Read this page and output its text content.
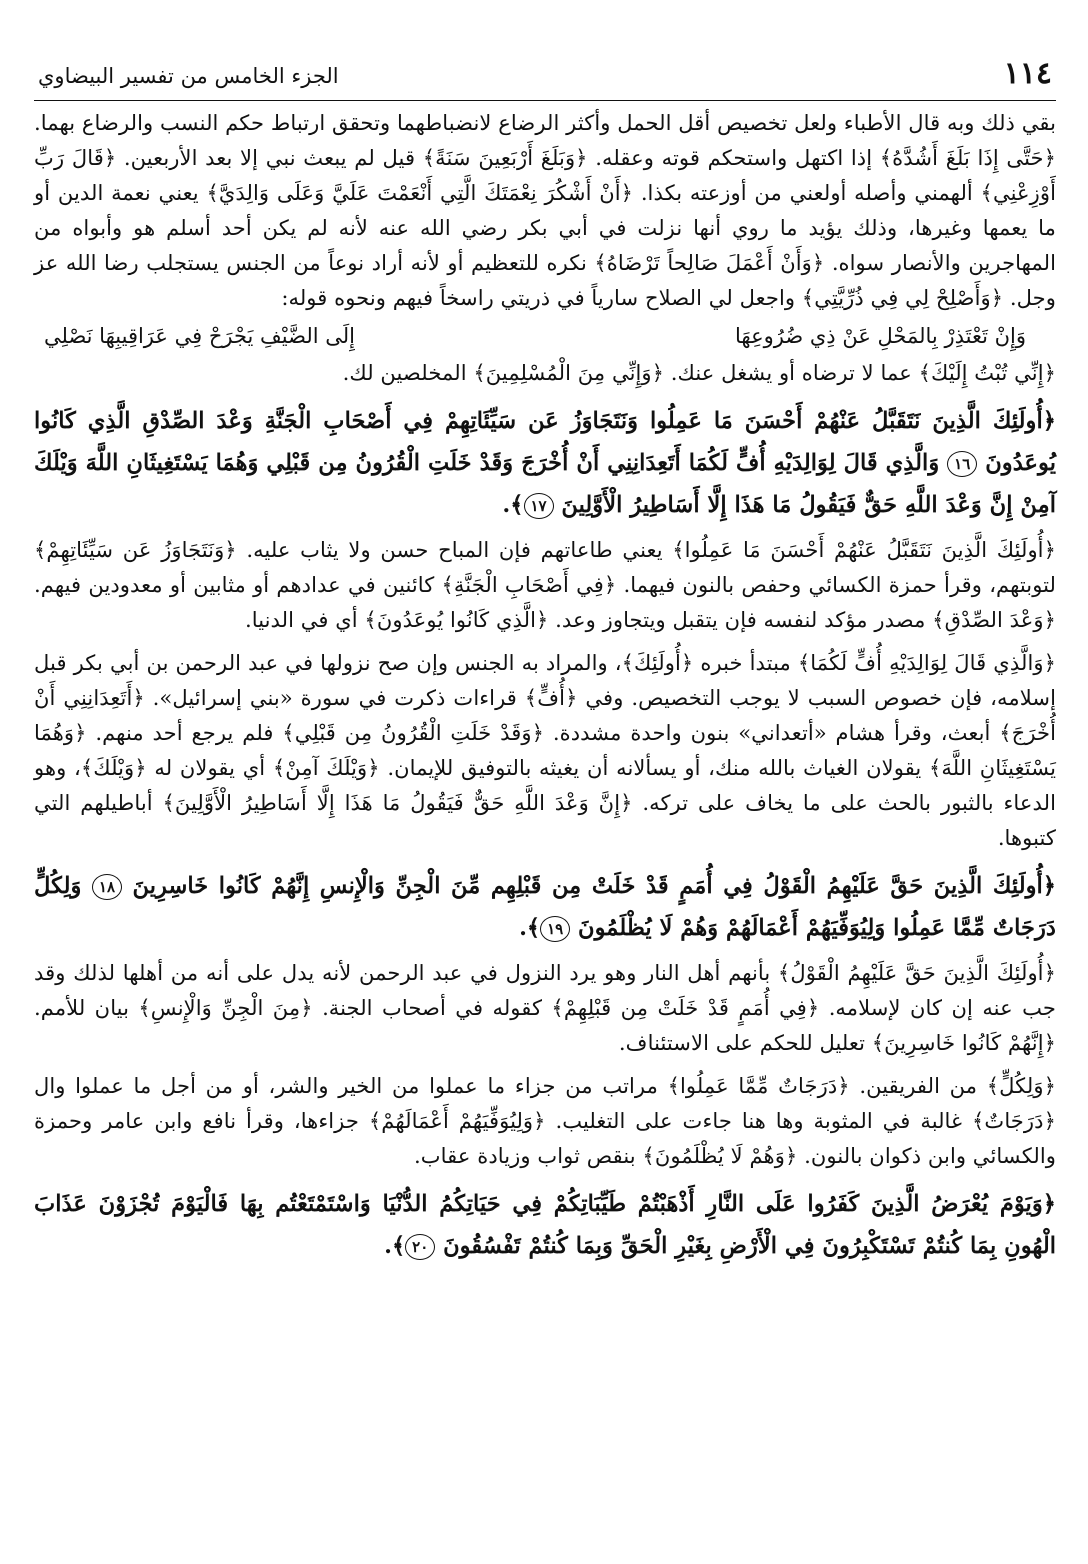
١١٤
الجزء الخامس من تفسير البيضاوي

بقي ذلك وبه قال الأطباء ولعل تخصيص أقل الحمل وأكثر الرضاع لانضباطهما وتحقق ارتباط حكم النسب والرضاع بهما. ﴿حَتَّى إِذَا بَلَغَ أَشُدَّهُ﴾ إذا اكتهل واستحكم قوته وعقله. ﴿وَبَلَغَ أَرْبَعِينَ سَنَةً﴾ قيل لم يبعث نبي إلا بعد الأربعين. ﴿قَالَ رَبِّ أَوْزِعْنِي﴾ ألهمني وأصله أولعني من أوزعته بكذا. ﴿أَنْ أَشْكُرَ نِعْمَتَكَ الَّتِي أَنْعَمْتَ عَلَيَّ وَعَلَى وَالِدَيَّ﴾ يعني نعمة الدين أو ما يعمها وغيرها، وذلك يؤيد ما روي أنها نزلت في أبي بكر رضي الله عنه لأنه لم يكن أحد أسلم هو وأبواه من المهاجرين والأنصار سواه. ﴿وَأَنْ أَعْمَلَ صَالِحاً تَرْضَاهُ﴾ نكره للتعظيم أو لأنه أراد نوعاً من الجنس يستجلب رضا الله عز وجل. ﴿وَأَصْلِحْ لِي فِي ذُرِّيَّتِي﴾ واجعل لي الصلاح سارياً في ذريتي راسخاً فيهم ونحوه قوله:

وَإِنْ تَعْتَذِرْ بِالمَحْلِ عَنْ ذِي ضُرُوعِهَا
إِلَى الضَّيْفِ يَجْرَحْ فِي عَرَاقِيبِهَا نَصْلِي

﴿إِنِّي تُبْتُ إِلَيْكَ﴾ عما لا ترضاه أو يشغل عنك. ﴿وَإِنِّي مِنَ الْمُسْلِمِينَ﴾ المخلصين لك.

﴿أُولَئِكَ الَّذِينَ نَتَقَبَّلُ عَنْهُمْ أَحْسَنَ مَا عَمِلُوا وَنَتَجَاوَزُ عَن سَيِّئَاتِهِمْ فِي أَصْحَابِ الْجَنَّةِ وَعْدَ الصِّدْقِ الَّذِي كَانُوا يُوعَدُونَ ١٦ وَالَّذِي قَالَ لِوَالِدَيْهِ أُفٍّ لَكُمَا أَتَعِدَانِنِي أَنْ أُخْرَجَ وَقَدْ خَلَتِ الْقُرُونُ مِن قَبْلِي وَهُمَا يَسْتَغِيثَانِ اللَّهَ وَيْلَكَ آمِنْ إِنَّ وَعْدَ اللَّهِ حَقٌّ فَيَقُولُ مَا هَذَا إِلَّا أَسَاطِيرُ الْأَوَّلِينَ ١٧﴾.

﴿أُولَئِكَ الَّذِينَ نَتَقَبَّلُ عَنْهُمْ أَحْسَنَ مَا عَمِلُوا﴾ يعني طاعاتهم فإن المباح حسن ولا يثاب عليه. ﴿وَنَتَجَاوَزُ عَن سَيِّئَاتِهِمْ﴾ لتوبتهم، وقرأ حمزة الكسائي وحفص بالنون فيهما. ﴿فِي أَصْحَابِ الْجَنَّةِ﴾ كائنين في عدادهم أو مثابين أو معدودين فيهم. ﴿وَعْدَ الصِّدْقِ﴾ مصدر مؤكد لنفسه فإن يتقبل ويتجاوز وعد. ﴿الَّذِي كَانُوا يُوعَدُونَ﴾ أي في الدنيا.

﴿وَالَّذِي قَالَ لِوَالِدَيْهِ أُفٍّ لَكُمَا﴾ مبتدأ خبره ﴿أُولَئِكَ﴾، والمراد به الجنس وإن صح نزولها في عبد الرحمن بن أبي بكر قبل إسلامه، فإن خصوص السبب لا يوجب التخصيص. وفي ﴿أُفٍّ﴾ قراءات ذكرت في سورة «بني إسرائيل». ﴿أَتَعِدَانِنِي أَنْ أُخْرَجَ﴾ أبعث، وقرأ هشام «أتعداني» بنون واحدة مشددة. ﴿وَقَدْ خَلَتِ الْقُرُونُ مِن قَبْلِي﴾ فلم يرجع أحد منهم. ﴿وَهُمَا يَسْتَغِيثَانِ اللَّهَ﴾ يقولان الغياث بالله منك، أو يسألانه أن يغيثه بالتوفيق للإيمان. ﴿وَيْلَكَ آمِنْ﴾ أي يقولان له ﴿وَيْلَكَ﴾، وهو الدعاء بالثبور بالحث على ما يخاف على تركه. ﴿إِنَّ وَعْدَ اللَّهِ حَقٌّ فَيَقُولُ مَا هَذَا إِلَّا أَسَاطِيرُ الْأَوَّلِينَ﴾ أباطيلهم التي كتبوها.

﴿أُولَئِكَ الَّذِينَ حَقَّ عَلَيْهِمُ الْقَوْلُ فِي أُمَمٍ قَدْ خَلَتْ مِن قَبْلِهِم مِّنَ الْجِنِّ وَالْإِنسِ إِنَّهُمْ كَانُوا خَاسِرِينَ ١٨ وَلِكُلٍّ دَرَجَاتٌ مِّمَّا عَمِلُوا وَلِيُوَفِّيَهُمْ أَعْمَالَهُمْ وَهُمْ لَا يُظْلَمُونَ ١٩﴾.

﴿أُولَئِكَ الَّذِينَ حَقَّ عَلَيْهِمُ الْقَوْلُ﴾ بأنهم أهل النار وهو يرد النزول في عبد الرحمن لأنه يدل على أنه من أهلها لذلك وقد جب عنه إن كان لإسلامه. ﴿فِي أُمَمٍ قَدْ خَلَتْ مِن قَبْلِهِمْ﴾ كقوله في أصحاب الجنة. ﴿مِنَ الْجِنِّ وَالْإِنسِ﴾ بيان للأمم. ﴿إِنَّهُمْ كَانُوا خَاسِرِينَ﴾ تعليل للحكم على الاستئناف.

﴿وَلِكُلٍّ﴾ من الفريقين. ﴿دَرَجَاتٌ مِّمَّا عَمِلُوا﴾ مراتب من جزاء ما عملوا من الخير والشر، أو من أجل ما عملوا وال ﴿دَرَجَاتٌ﴾ غالبة في المثوبة وها هنا جاءت على التغليب. ﴿وَلِيُوَفِّيَهُمْ أَعْمَالَهُمْ﴾ جزاءها، وقرأ نافع وابن عامر وحمزة والكسائي وابن ذكوان بالنون. ﴿وَهُمْ لَا يُظْلَمُونَ﴾ بنقص ثواب وزيادة عقاب.

﴿وَيَوْمَ يُعْرَضُ الَّذِينَ كَفَرُوا عَلَى النَّارِ أَذْهَبْتُمْ طَيِّبَاتِكُمْ فِي حَيَاتِكُمُ الدُّنْيَا وَاسْتَمْتَعْتُم بِهَا فَالْيَوْمَ تُجْزَوْنَ عَذَابَ الْهُونِ بِمَا كُنتُمْ تَسْتَكْبِرُونَ فِي الْأَرْضِ بِغَيْرِ الْحَقِّ وَبِمَا كُنتُمْ تَفْسُقُونَ ٢٠﴾.
